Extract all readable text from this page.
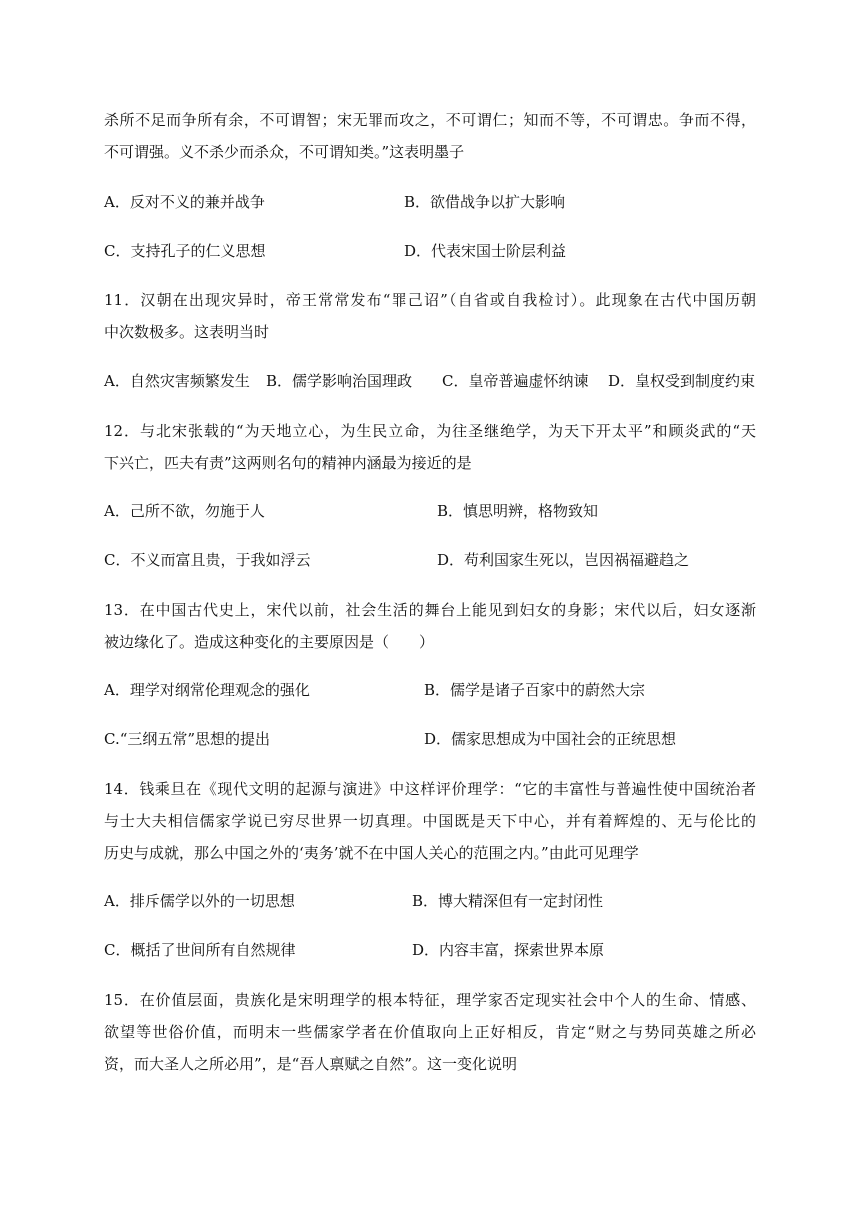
杀所不足而争所有余，不可谓智；宋无罪而攻之，不可谓仁；知而不等，不可谓忠。争而不得，
不可谓强。义不杀少而杀众，不可谓知类。”这表明墨子
A．反对不义的兼并战争	B．欲借战争以扩大影响
C．支持孔子的仁义思想	D．代表宋国士阶层利益
11．汉朝在出现灾异时，帝王常常发布“罪己诏”（自省或自我检讨）。此现象在古代中国历朝
中次数极多。这表明当时
A．自然灾害频繁发生 B．儒学影响治国理政 C．皇帝普遍虚怀纳谏 D．皇权受到制度约束
12．与北宋张载的“为天地立心，为生民立命，为往圣继绝学，为天下开太平”和顾炎武的“天
下兴亡，匹夫有责”这两则名句的精神内涵最为接近的是
A．己所不欲，勿施于人	B．慎思明辨，格物致知
C．不义而富且贵，于我如浮云	D．苟利国家生死以，岂因祸福避趋之
13．在中国古代史上，宋代以前，社会生活的舞台上能见到妇女的身影；宋代以后，妇女逐渐
被边缘化了。造成这种变化的主要原因是（　　）
A．理学对纲常伦理观念的强化	B．儒学是诸子百家中的蔚然大宗
C.“三纲五常”思想的提出	D．儒家思想成为中国社会的正统思想
14．钱乘旦在《现代文明的起源与演进》中这样评价理学：“它的丰富性与普遍性使中国统治者
与士大夫相信儒家学说已穷尽世界一切真理。中国既是天下中心，并有着辉煌的、无与伦比的
历史与成就，那么中国之外的‘夷务’就不在中国人关心的范围之内。”由此可见理学
A．排斥儒学以外的一切思想	B．博大精深但有一定封闭性
C．概括了世间所有自然规律	D．内容丰富，探索世界本原
15．在价值层面，贵族化是宋明理学的根本特征，理学家否定现实社会中个人的生命、情感、
欲望等世俗价值，而明末一些儒家学者在价值取向上正好相反，肯定“财之与势同英雄之所必
资，而大圣人之所必用”，是“吾人禀赋之自然”。这一变化说明
